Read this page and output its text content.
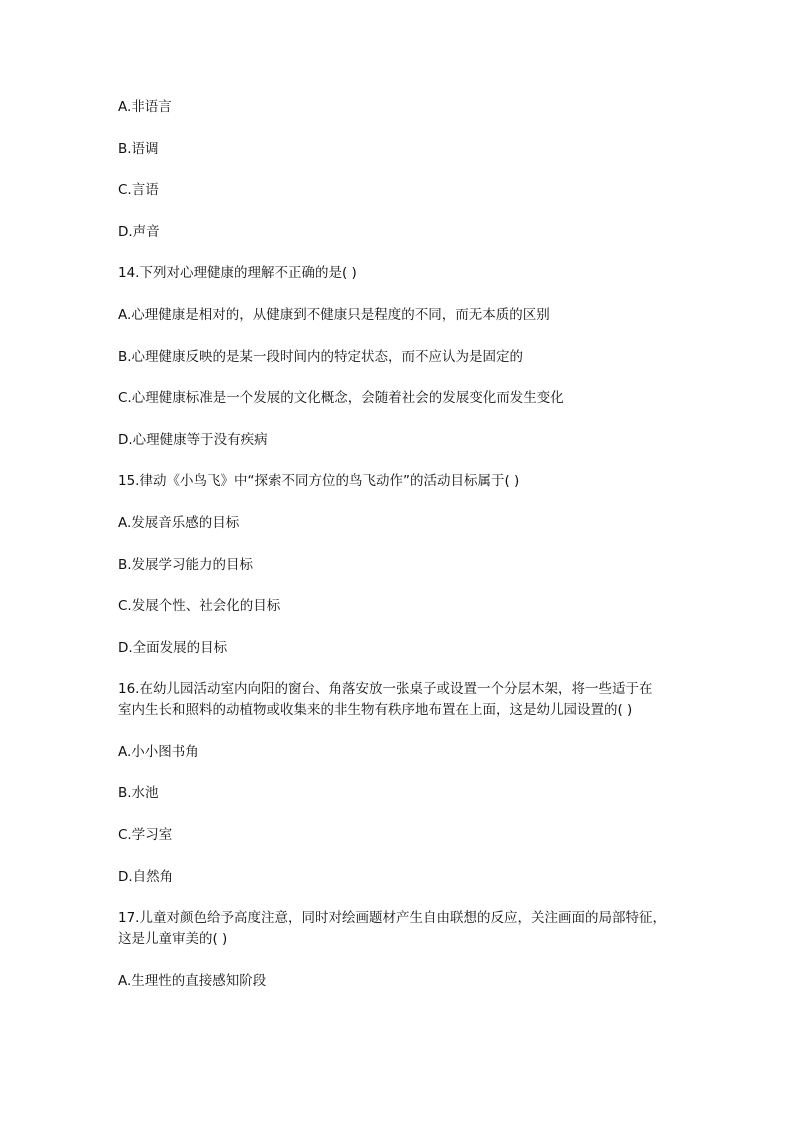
A.非语言

B.语调

C.言语

D.声音

14.下列对心理健康的理解不正确的是( )

A.心理健康是相对的，从健康到不健康只是程度的不同，而无本质的区别

B.心理健康反映的是某一段时间内的特定状态，而不应认为是固定的

C.心理健康标准是一个发展的文化概念，会随着社会的发展变化而发生变化

D.心理健康等于没有疾病

15.律动《小鸟飞》中“探索不同方位的鸟飞动作”的活动目标属于( )

A.发展音乐感的目标

B.发展学习能力的目标

C.发展个性、社会化的目标

D.全面发展的目标

16.在幼儿园活动室内向阳的窗台、角落安放一张桌子或设置一个分层木架，将一些适于在

室内生长和照料的动植物或收集来的非生物有秩序地布置在上面，这是幼儿园设置的( )

A.小小图书角

B.水池

C.学习室

D.自然角

17.儿童对颜色给予高度注意，同时对绘画题材产生自由联想的反应，关注画面的局部特征，

这是儿童审美的( )

A.生理性的直接感知阶段
